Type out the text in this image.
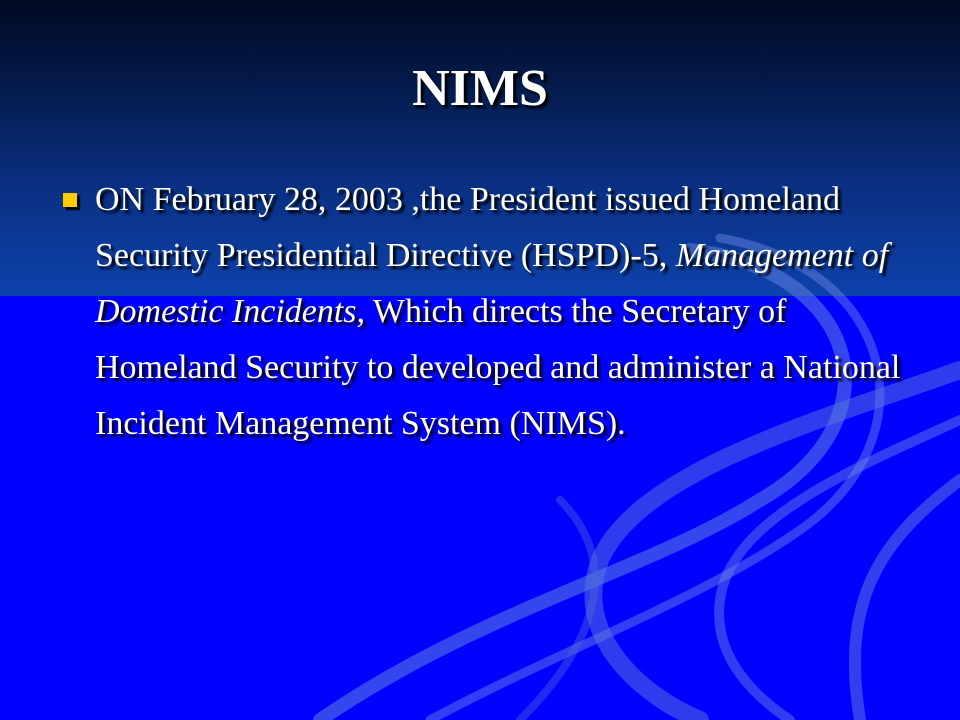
NIMS
ON February 28, 2003 ,the President issued Homeland Security Presidential Directive (HSPD)-5, Management of Domestic Incidents, Which directs the Secretary of Homeland Security to developed and administer a National Incident Management System (NIMS).
